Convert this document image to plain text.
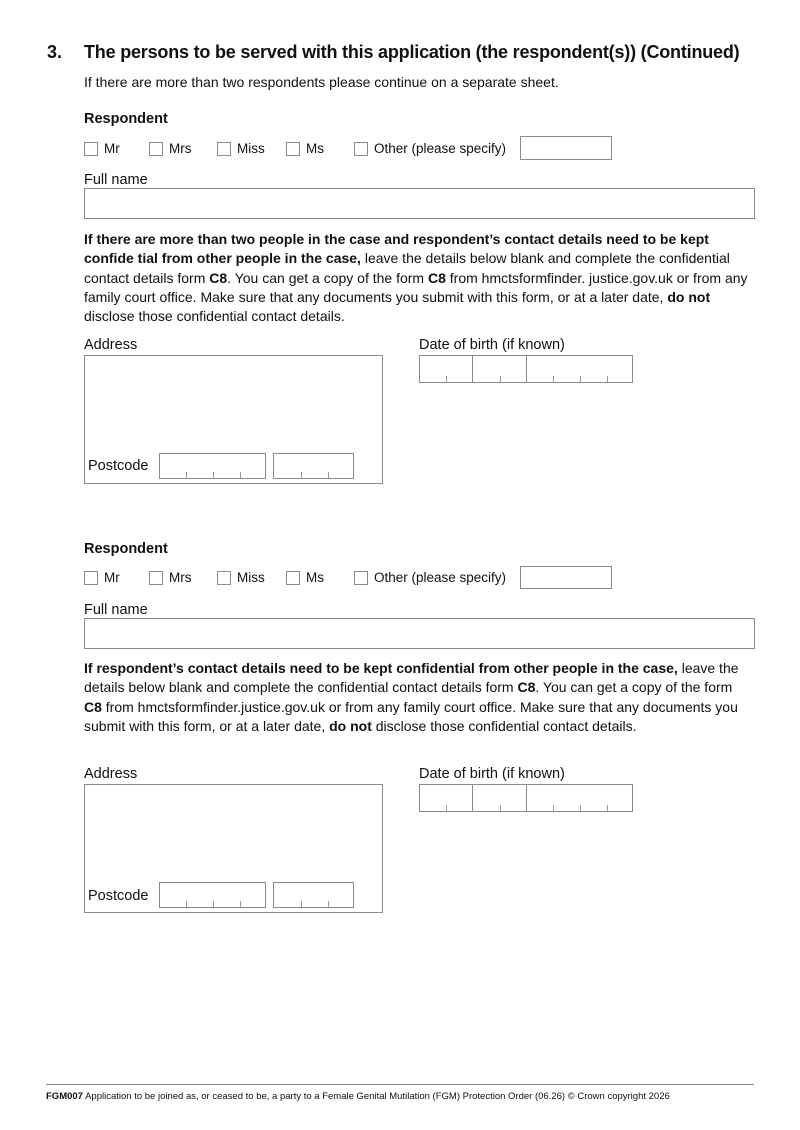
3. The persons to be served with this application (the respondent(s)) (Continued)
If there are more than two respondents please continue on a separate sheet.
Respondent
Mr	Mrs	Miss	Ms	Other (please specify)
Full name
If there are more than two people in the case and respondent’s contact details need to be kept confide tial from other people in the case, leave the details below blank and complete the confidential contact details form C8. You can get a copy of the form C8 from hmctsformfinder. justice.gov.uk or from any family court office. Make sure that any documents you submit with this form, or at a later date, do not disclose those confidential contact details.
Address
Postcode
Date of birth (if known)
Respondent
Mr	Mrs	Miss	Ms	Other (please specify)
Full name
If respondent’s contact details need to be kept confidential from other people in the case, leave the details below blank and complete the confidential contact details form C8. You can get a copy of the form C8 from hmctsformfinder.justice.gov.uk or from any family court office. Make sure that any documents you submit with this form, or at a later date, do not disclose those confidential contact details.
Address
Postcode
Date of birth (if known)
FGM007 Application to be joined as, or ceased to be, a party to a Female Genital Mutilation (FGM) Protection Order (06.26) © Crown copyright 2026
